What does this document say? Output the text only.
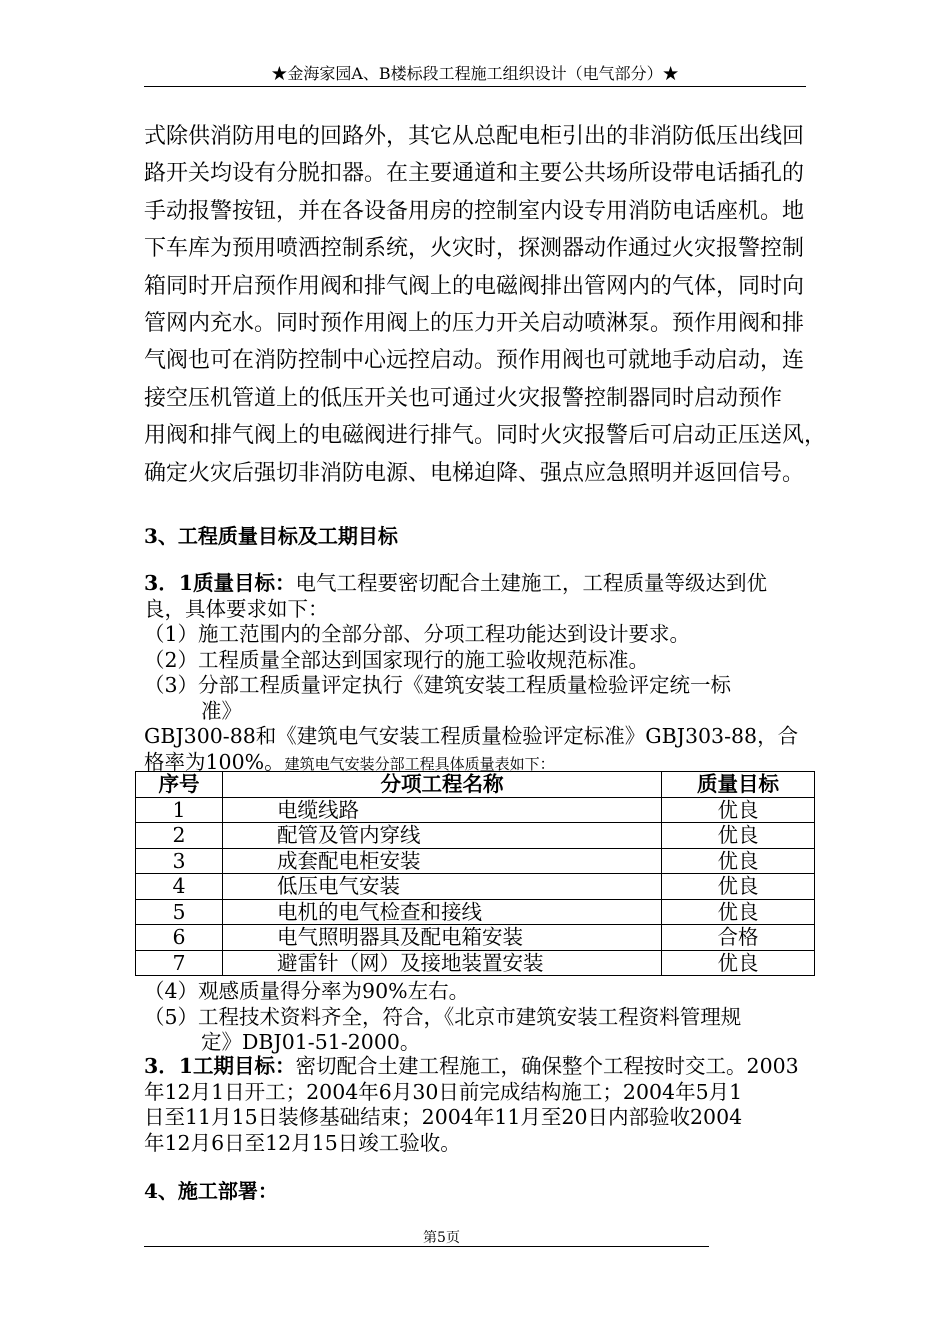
★金海家园A、B楼标段工程施工组织设计（电气部分）★
式除供消防用电的回路外，其它从总配电柜引出的非消防低压出线回
路开关均设有分脱扣器。在主要通道和主要公共场所设带电话插孔的
手动报警按钮，并在各设备用房的控制室内设专用消防电话座机。地
下车库为预用喷洒控制系统，火灾时，探测器动作通过火灾报警控制
箱同时开启预作用阀和排气阀上的电磁阀排出管网内的气体，同时向
管网内充水。同时预作用阀上的压力开关启动喷淋泵。预作用阀和排
气阀也可在消防控制中心远控启动。预作用阀也可就地手动启动，连
接空压机管道上的低压开关也可通过火灾报警控制器同时启动预作
用阀和排气阀上的电磁阀进行排气。同时火灾报警后可启动正压送风，
确定火灾后强切非消防电源、电梯迫降、强点应急照明并返回信号。
3、工程质量目标及工期目标
3．1质量目标：电气工程要密切配合土建施工，工程质量等级达到优
良，具体要求如下：
（1）施工范围内的全部分部、分项工程功能达到设计要求。
（2）工程质量全部达到国家现行的施工验收规范标准。
（3）分部工程质量评定执行《建筑安装工程质量检验评定统一标
准》
GBJ300-88和《建筑电气安装工程质量检验评定标准》GBJ303-88，合
格率为100%。建筑电气安装分部工程具体质量表如下：
序号	分项工程名称	质量目标
1	电缆线路	优良
2	配管及管内穿线	优良
3	成套配电柜安装	优良
4	低压电气安装	优良
5	电机的电气检查和接线	优良
6	电气照明器具及配电箱安装	合格
7	避雷针（网）及接地装置安装	优良
（4）观感质量得分率为90%左右。
（5）工程技术资料齐全，符合，《北京市建筑安装工程资料管理规
定》DBJ01-51-2000。
3．1工期目标：密切配合土建工程施工，确保整个工程按时交工。2003
年12月1日开工；2004年6月30日前完成结构施工；2004年5月1
日至11月15日装修基础结束；2004年11月至20日内部验收2004
年12月6日至12月15日竣工验收。
4、施工部署：
第5页
